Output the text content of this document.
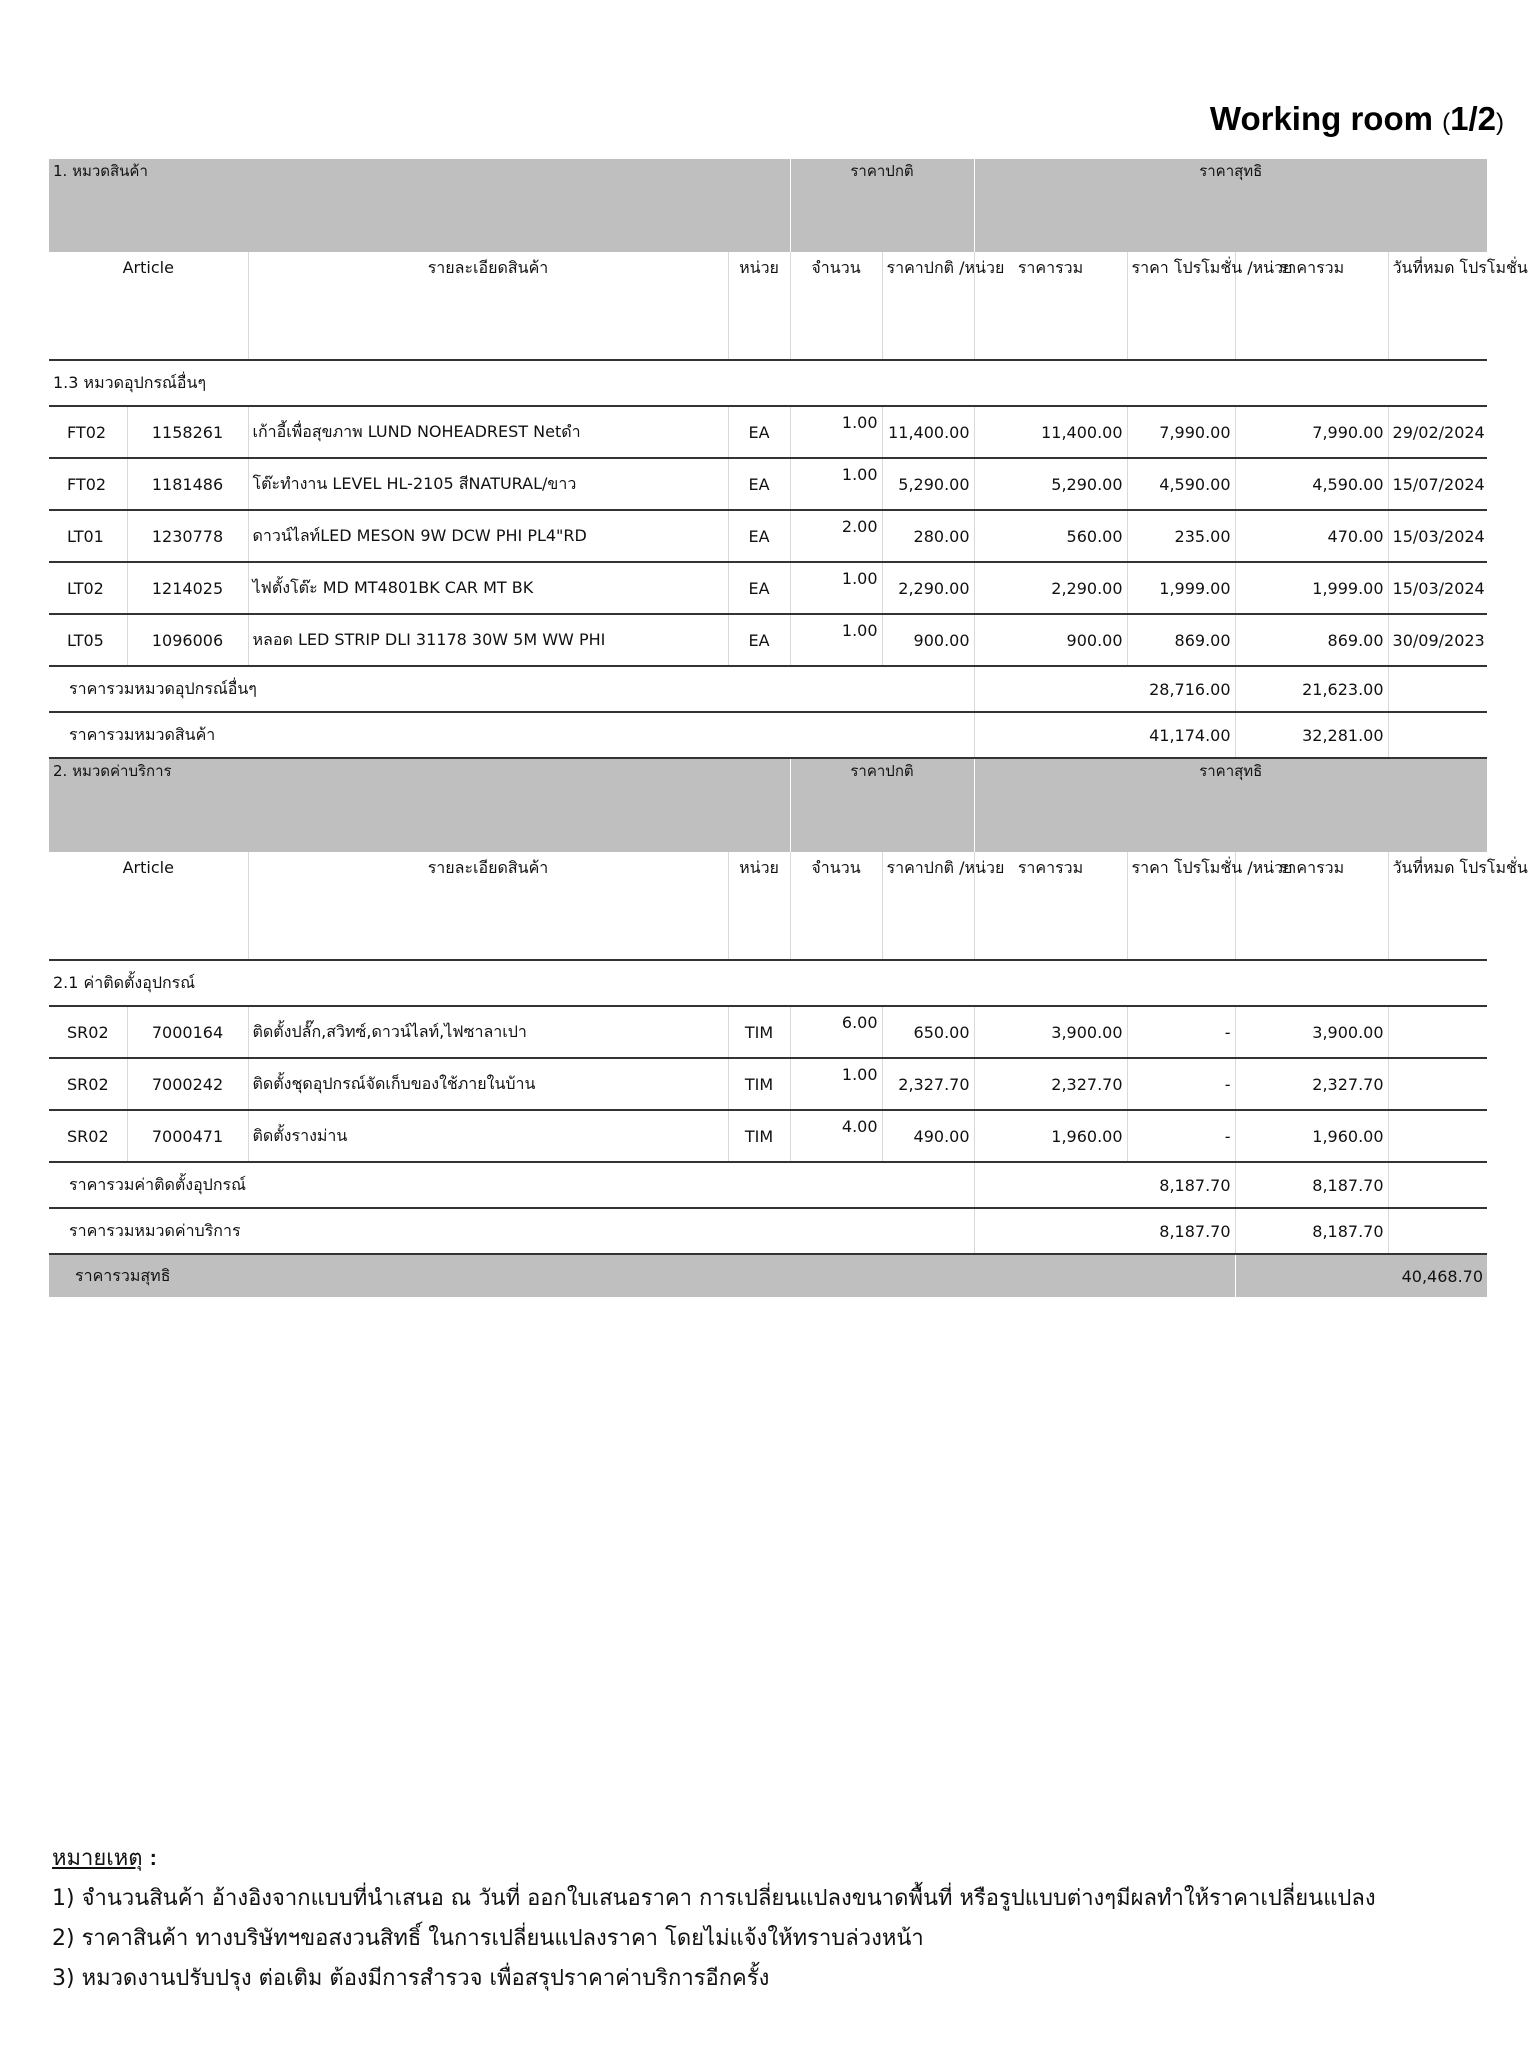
Working room (1/2)
1. หมวดสินค้า				ราคาปกติ		ราคาสุทธิ			
Article		รายละเอียดสินค้า	หน่วย	จำนวน	ราคาปกติ /หน่วย	ราคารวม	ราคา โปรโมชั่น /หน่วย	ราคารวม	วันที่หมด โปรโมชั่น
1.3 หมวดอุปกรณ์อื่นๆ									
FT02	1158261	เก้าอี้เพื่อสุขภาพ LUND NOHEADREST Netดำ	EA	1.00	11,400.00	11,400.00	7,990.00	7,990.00	29/02/2024
FT02	1181486	โต๊ะทำงาน LEVEL HL-2105 สีNATURAL/ขาว	EA	1.00	5,290.00	5,290.00	4,590.00	4,590.00	15/07/2024
LT01	1230778	ดาวน์ไลท์LED MESON 9W DCW PHI PL4"RD	EA	2.00	280.00	560.00	235.00	470.00	15/03/2024
LT02	1214025	ไฟตั้งโต๊ะ MD MT4801BK CAR MT BK	EA	1.00	2,290.00	2,290.00	1,999.00	1,999.00	15/03/2024
LT05	1096006	หลอด LED STRIP DLI 31178 30W 5M WW PHI	EA	1.00	900.00	900.00	869.00	869.00	30/09/2023
ราคารวมหมวดอุปกรณ์อื่นๆ						28,716.00		21,623.00	
ราคารวมหมวดสินค้า						41,174.00		32,281.00	
2. หมวดค่าบริการ				ราคาปกติ		ราคาสุทธิ			
Article		รายละเอียดสินค้า	หน่วย	จำนวน	ราคาปกติ /หน่วย	ราคารวม	ราคา โปรโมชั่น /หน่วย	ราคารวม	วันที่หมด โปรโมชั่น
2.1 ค่าติดตั้งอุปกรณ์									
SR02	7000164	ติดตั้งปลั๊ก,สวิทซ์,ดาวน์ไลท์,ไฟซาลาเปา	TIM	6.00	650.00	3,900.00	-	3,900.00	
SR02	7000242	ติดตั้งชุดอุปกรณ์จัดเก็บของใช้ภายในบ้าน	TIM	1.00	2,327.70	2,327.70	-	2,327.70	
SR02	7000471	ติดตั้งรางม่าน	TIM	4.00	490.00	1,960.00	-	1,960.00	
ราคารวมค่าติดตั้งอุปกรณ์						8,187.70		8,187.70	
ราคารวมหมวดค่าบริการ						8,187.70		8,187.70	
ราคารวมสุทธิ								40,468.70	
หมายเหตุ :
1) จำนวนสินค้า อ้างอิงจากแบบที่นำเสนอ ณ วันที่ ออกใบเสนอราคา การเปลี่ยนแปลงขนาดพื้นที่ หรือรูปแบบต่างๆมีผลทำให้ราคาเปลี่ยนแปลง
2) ราคาสินค้า ทางบริษัทฯขอสงวนสิทธิ์ ในการเปลี่ยนแปลงราคา โดยไม่แจ้งให้ทราบล่วงหน้า
3) หมวดงานปรับปรุง ต่อเติม ต้องมีการสำรวจ เพื่อสรุปราคาค่าบริการอีกครั้ง
